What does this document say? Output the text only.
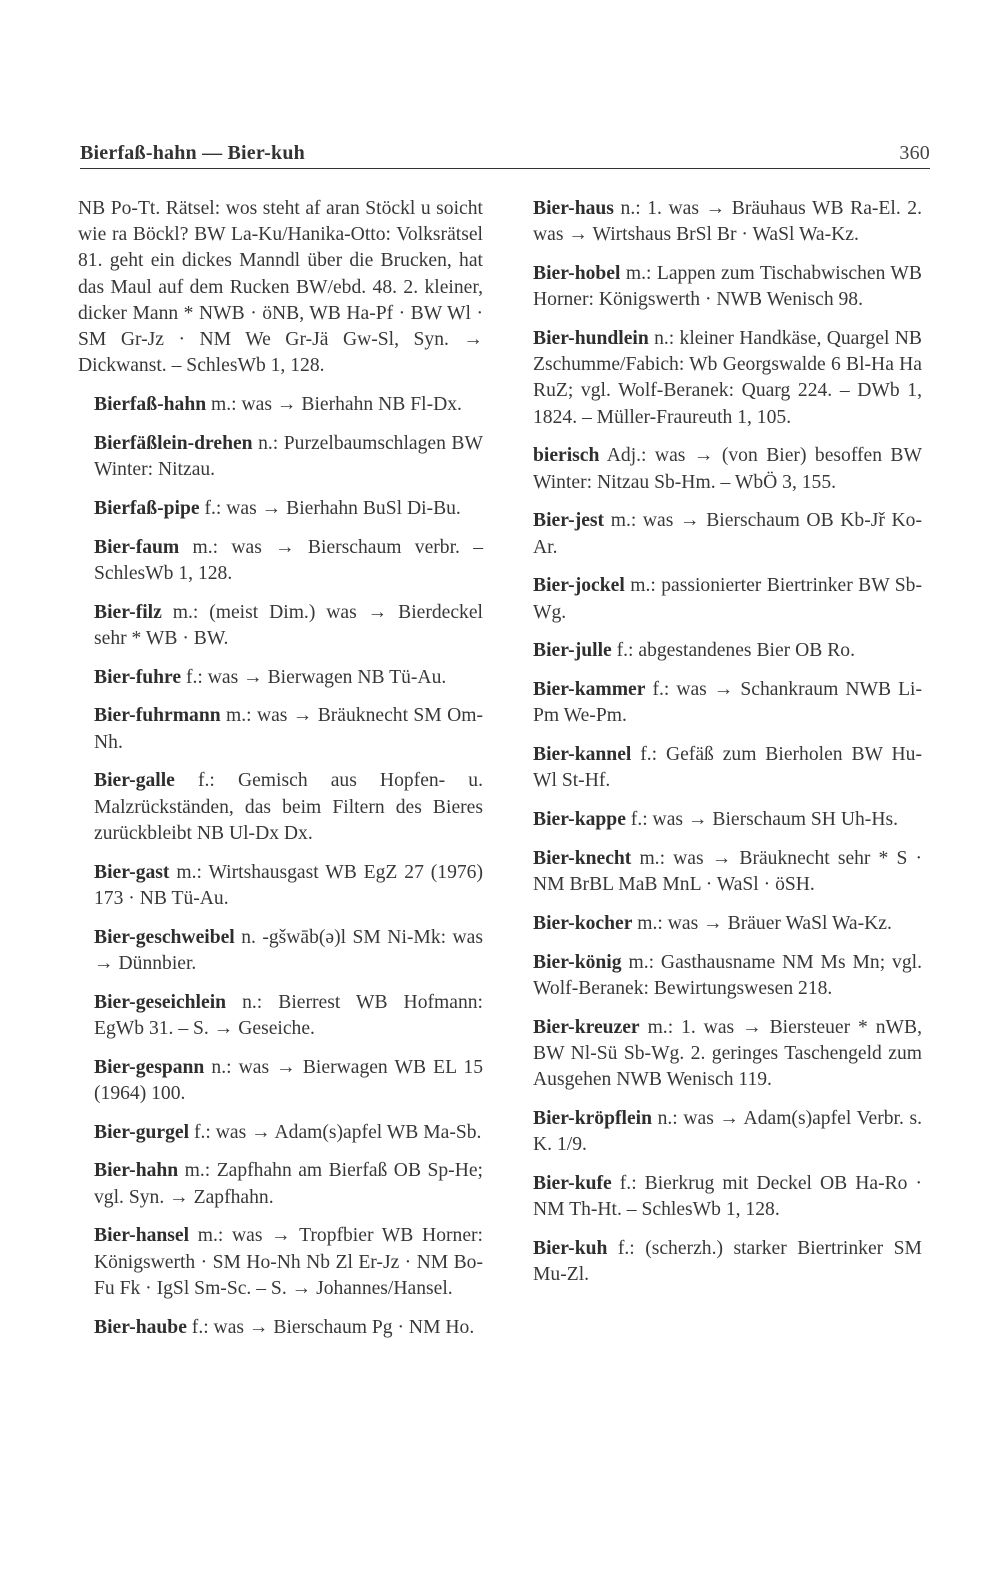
Bierfaß-hahn — Bier-kuh	360

NB Po-Tt. Rätsel: wos steht af aran Stöckl u soicht wie ra Böckl? BW La-Ku/Hanika-Otto: Volksrätsel 81. geht ein dickes Manndl über die Brucken, hat das Maul auf dem Rucken BW/ebd. 48. 2. kleiner, dicker Mann * NWB · öNB, WB Ha-Pf · BW Wl · SM Gr-Jz · NM We Gr-Jä Gw-Sl, Syn. → Dickwanst. – SchlesWb 1, 128.

Bierfaß-hahn m.: was → Bierhahn NB Fl-Dx.

Bierfäßlein-drehen n.: Purzelbaumschlagen BW Winter: Nitzau.

Bierfaß-pipe f.: was → Bierhahn BuSl Di-Bu.

Bier-faum m.: was → Bierschaum verbr. – SchlesWb 1, 128.

Bier-filz m.: (meist Dim.) was → Bierdeckel sehr * WB · BW.

Bier-fuhre f.: was → Bierwagen NB Tü-Au.

Bier-fuhrmann m.: was → Bräuknecht SM Om-Nh.

Bier-galle f.: Gemisch aus Hopfen- u. Malzrückständen, das beim Filtern des Bieres zurückbleibt NB Ul-Dx Dx.

Bier-gast m.: Wirtshausgast WB EgZ 27 (1976) 173 · NB Tü-Au.

Bier-geschweibel n. -gšwāb(ə)l SM Ni-Mk: was → Dünnbier.

Bier-geseichlein n.: Bierrest WB Hofmann: EgWb 31. – S. → Geseiche.

Bier-gespann n.: was → Bierwagen WB EL 15 (1964) 100.

Bier-gurgel f.: was → Adam(s)apfel WB Ma-Sb.

Bier-hahn m.: Zapfhahn am Bierfaß OB Sp-He; vgl. Syn. → Zapfhahn.

Bier-hansel m.: was → Tropfbier WB Horner: Königswerth · SM Ho-Nh Nb Zl Er-Jz · NM Bo-Fu Fk · IgSl Sm-Sc. – S. → Johannes/Hansel.

Bier-haube f.: was → Bierschaum Pg · NM Ho.

Bier-haus n.: 1. was → Bräuhaus WB Ra-El. 2. was → Wirtshaus BrSl Br · WaSl Wa-Kz.

Bier-hobel m.: Lappen zum Tischabwischen WB Horner: Königswerth · NWB Wenisch 98.

Bier-hundlein n.: kleiner Handkäse, Quargel NB Zschumme/Fabich: Wb Georgswalde 6 Bl-Ha Ha RuZ; vgl. Wolf-Beranek: Quarg 224. – DWb 1, 1824. – Müller-Fraureuth 1, 105.

bierisch Adj.: was → (von Bier) besoffen BW Winter: Nitzau Sb-Hm. – WbÖ 3, 155.

Bier-jest m.: was → Bierschaum OB Kb-Jř Ko-Ar.

Bier-jockel m.: passionierter Biertrinker BW Sb-Wg.

Bier-julle f.: abgestandenes Bier OB Ro.

Bier-kammer f.: was → Schankraum NWB Li-Pm We-Pm.

Bier-kannel f.: Gefäß zum Bierholen BW Hu-Wl St-Hf.

Bier-kappe f.: was → Bierschaum SH Uh-Hs.

Bier-knecht m.: was → Bräuknecht sehr * S · NM BrBL MaB MnL · WaSl · öSH.

Bier-kocher m.: was → Bräuer WaSl Wa-Kz.

Bier-könig m.: Gasthausname NM Ms Mn; vgl. Wolf-Beranek: Bewirtungswesen 218.

Bier-kreuzer m.: 1. was → Biersteuer * nWB, BW Nl-Sü Sb-Wg. 2. geringes Taschengeld zum Ausgehen NWB Wenisch 119.

Bier-kröpflein n.: was → Adam(s)apfel Verbr. s. K. 1/9.

Bier-kufe f.: Bierkrug mit Deckel OB Ha-Ro · NM Th-Ht. – SchlesWb 1, 128.

Bier-kuh f.: (scherzh.) starker Biertrinker SM Mu-Zl.
